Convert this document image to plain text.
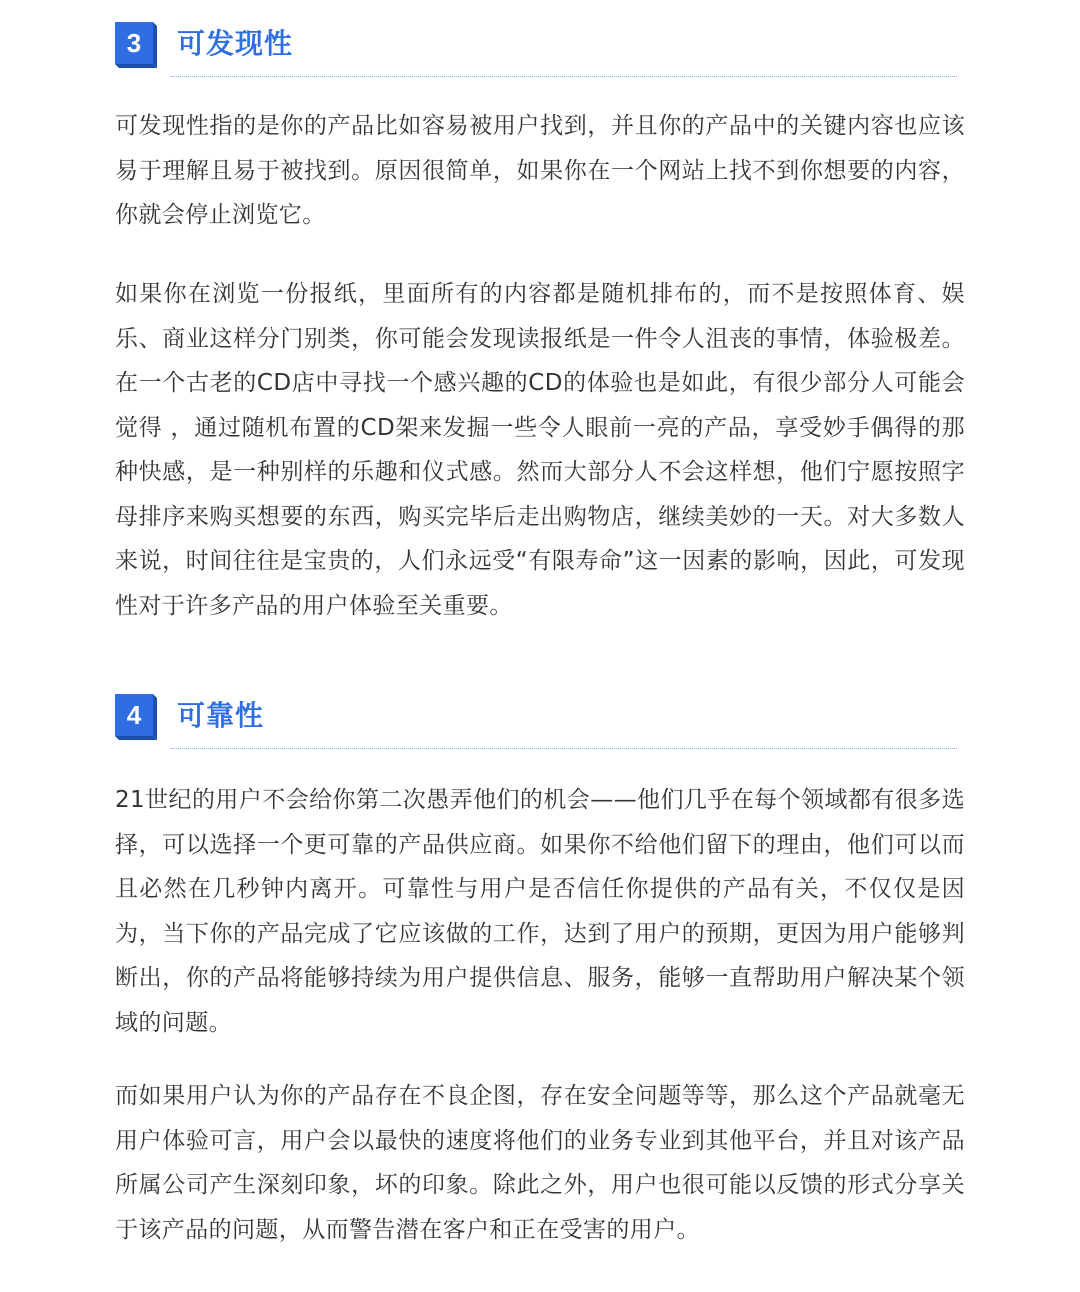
3	可发现性

可发现性指的是你的产品比如容易被用户找到，并且你的产品中的关键内容也应该易于理解且易于被找到。原因很简单，如果你在一个网站上找不到你想要的内容，你就会停止浏览它。

如果你在浏览一份报纸，里面所有的内容都是随机排布的，而不是按照体育、娱乐、商业这样分门别类，你可能会发现读报纸是一件令人沮丧的事情，体验极差。在一个古老的CD店中寻找一个感兴趣的CD的体验也是如此，有很少部分人可能会觉得 ，通过随机布置的CD架来发掘一些令人眼前一亮的产品，享受妙手偶得的那种快感，是一种别样的乐趣和仪式感。然而大部分人不会这样想，他们宁愿按照字母排序来购买想要的东西，购买完毕后走出购物店，继续美妙的一天。对大多数人来说，时间往往是宝贵的，人们永远受“有限寿命”这一因素的影响，因此，可发现性对于许多产品的用户体验至关重要。

4	可靠性

21世纪的用户不会给你第二次愚弄他们的机会——他们几乎在每个领域都有很多选择，可以选择一个更可靠的产品供应商。如果你不给他们留下的理由，他们可以而且必然在几秒钟内离开。可靠性与用户是否信任你提供的产品有关，不仅仅是因为，当下你的产品完成了它应该做的工作，达到了用户的预期，更因为用户能够判断出，你的产品将能够持续为用户提供信息、服务，能够一直帮助用户解决某个领域的问题。

而如果用户认为你的产品存在不良企图，存在安全问题等等，那么这个产品就毫无用户体验可言，用户会以最快的速度将他们的业务专业到其他平台，并且对该产品所属公司产生深刻印象，坏的印象。除此之外，用户也很可能以反馈的形式分享关于该产品的问题，从而警告潜在客户和正在受害的用户。
